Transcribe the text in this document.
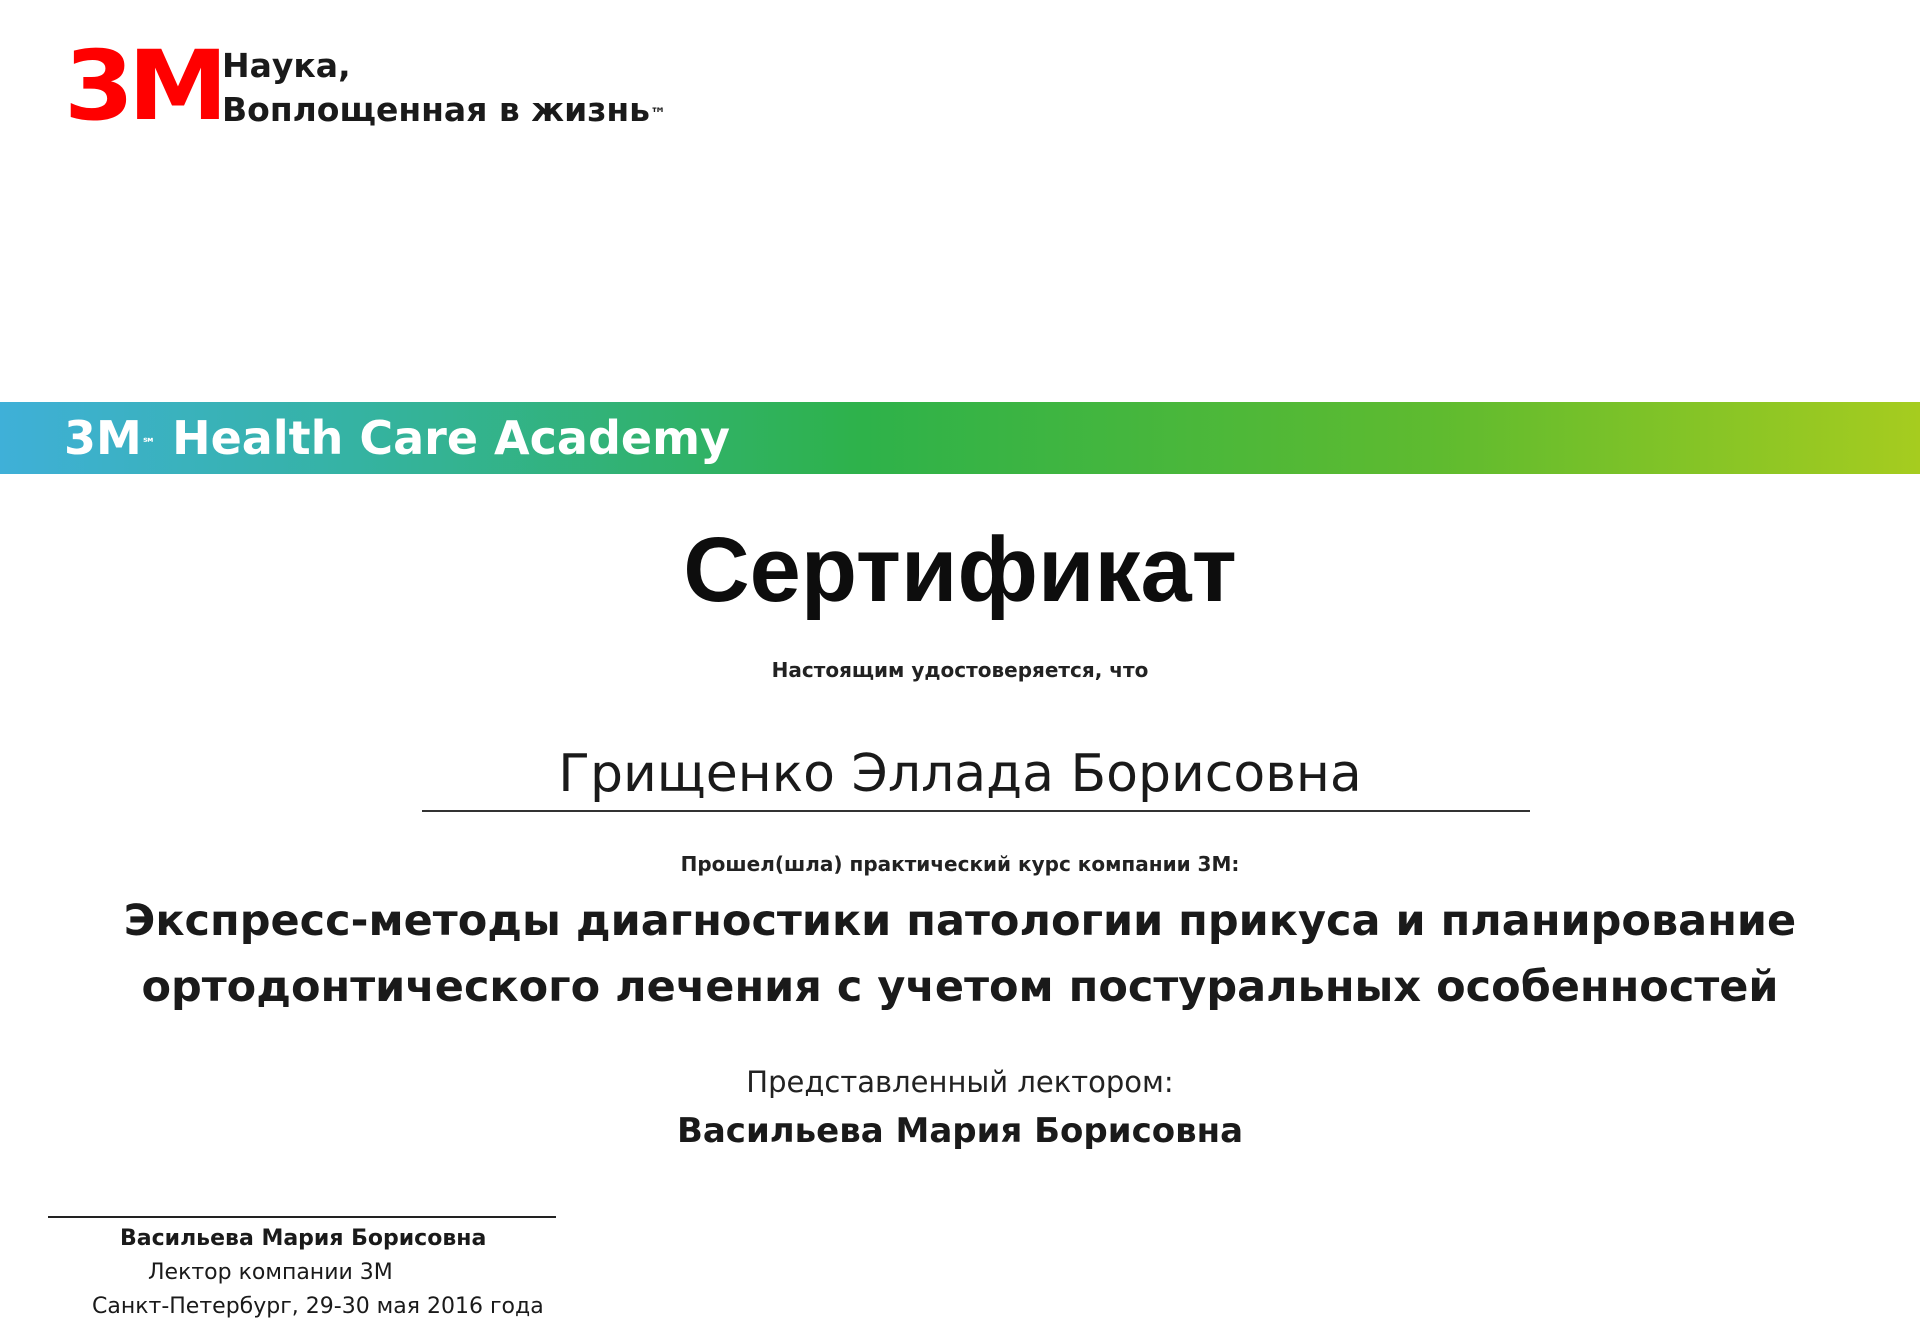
3M Наука,
Воплощенная в жизнь™
3M℠ Health Care Academy
Сертификат
Настоящим удостоверяется, что
Грищенко Эллада Борисовна
Прошел(шла) практический курс компании 3М:
Экспресс-методы диагностики патологии прикуса и планирование
ортодонтического лечения с учетом постуральных особенностей
Представленный лектором:
Васильева Мария Борисовна
Васильева Мария Борисовна
Лектор компании 3М
Санкт-Петербург, 29-30 мая 2016 года
